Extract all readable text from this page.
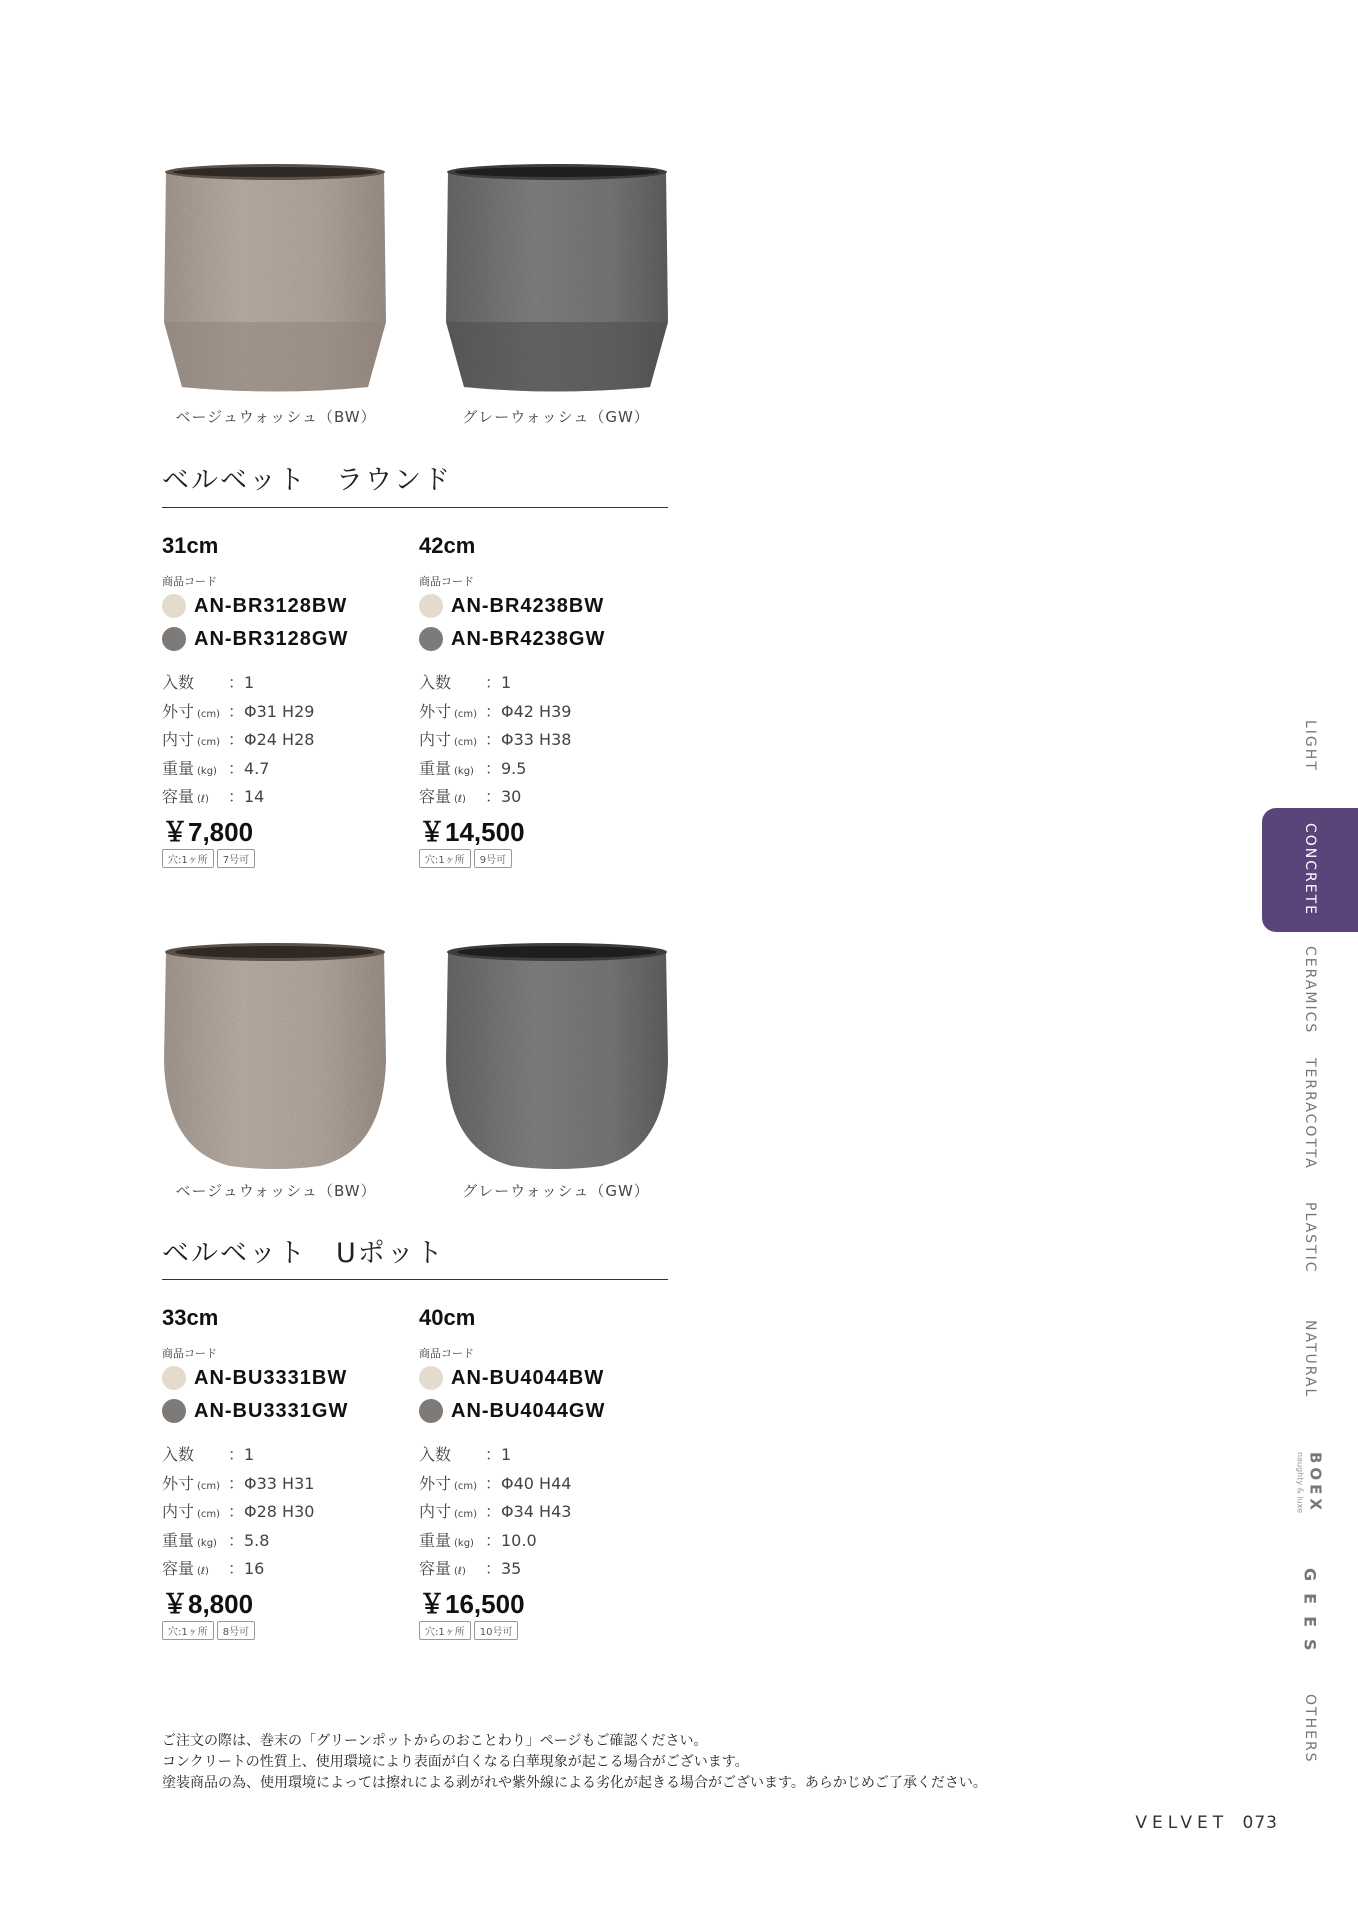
ベージュウォッシュ（BW）	グレーウォッシュ（GW）
ベルベット　ラウンド
31cm
商品コード
AN-BR3128BW
AN-BR3128GW
入数	：1
外寸 (cm) ：Φ31 H29
内寸 (cm) ：Φ24 H28
重量 (kg) ：4.7
容量 (ℓ)	：14
￥7,800
穴:1ヶ所	7号可
42cm
商品コード
AN-BR4238BW
AN-BR4238GW
入数	：1
外寸 (cm) ：Φ42 H39
内寸 (cm) ：Φ33 H38
重量 (kg) ：9.5
容量 (ℓ)	：30
￥14,500
穴:1ヶ所	9号可
ベージュウォッシュ（BW）	グレーウォッシュ（GW）
ベルベット　Uポット
33cm
商品コード
AN-BU3331BW
AN-BU3331GW
入数	：1
外寸 (cm) ：Φ33 H31
内寸 (cm) ：Φ28 H30
重量 (kg) ：5.8
容量 (ℓ)	：16
￥8,800
穴:1ヶ所	8号可
40cm
商品コード
AN-BU4044BW
AN-BU4044GW
入数	：1
外寸 (cm) ：Φ40 H44
内寸 (cm) ：Φ34 H43
重量 (kg) ：10.0
容量 (ℓ)	：35
￥16,500
穴:1ヶ所	10号可
ご注文の際は、巻末の「グリーンポットからのおことわり」ページもご確認ください。
コンクリートの性質上、使用環境により表面が白くなる白華現象が起こる場合がございます。
塗装商品の為、使用環境によっては擦れによる剥がれや紫外線による劣化が起きる場合がございます。あらかじめご了承ください。
LIGHT
CONCRETE
CERAMICS
TERRACOTTA
PLASTIC
NATURAL
BOEX
naughty & luxe
GEES
OTHERS
VELVET 073
